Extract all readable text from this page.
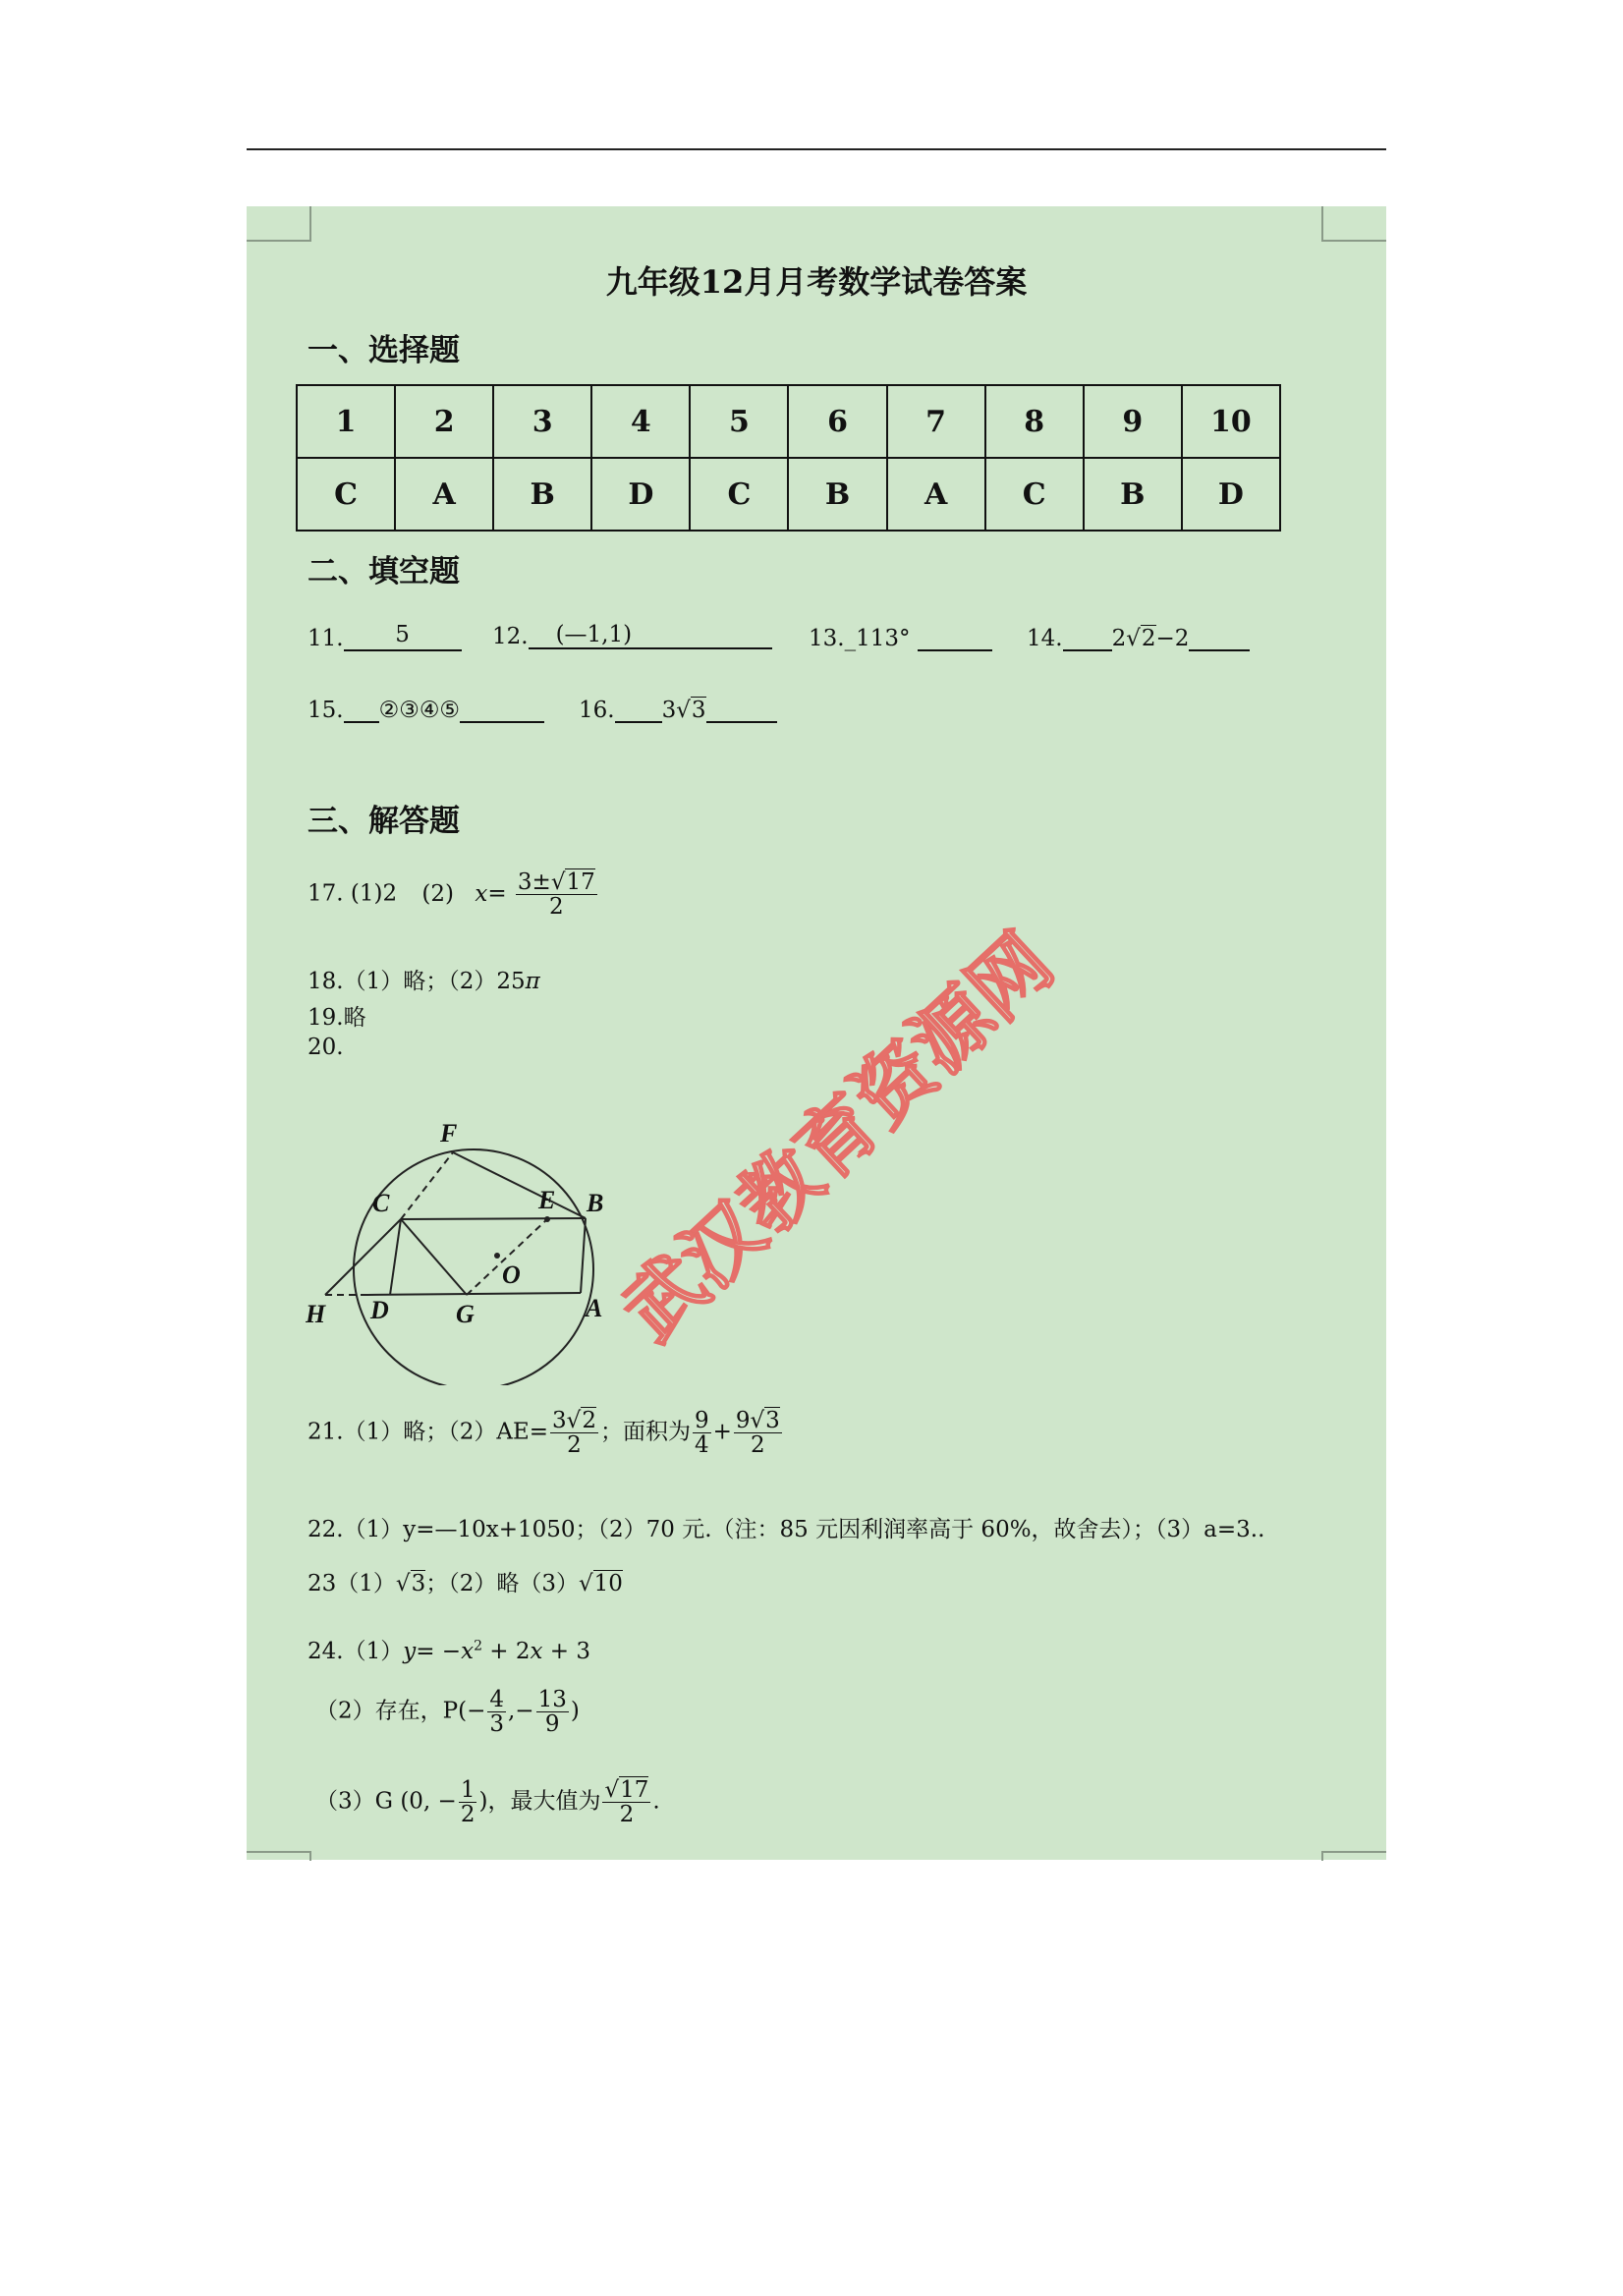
九年级12月月考数学试卷答案
一、选择题
1	2	3	4	5	6	7	8	9	10
C	A	B	D	C	B	A	C	B	D
二、填空题
11. 5	12. (—1,1)	13._113°	14. 2√2−2
15. ②③④⑤	16. 3√3
三、解答题
17. (1)2 (2) $x= \frac{3\pm√17}{2}$
18.（1）略；（2）25π
19.略
20.
F
C	E B
O
H D	G	A
21.（1）略；$(2)AE= \frac{3√2}{2}$ ；面积为 $\frac{9}{4} + \frac{9√3}{2}$
22.（1）y=—10x+1050；（2）70 元.（注：85 元因利润率高于 60%，故舍去）；（3）a=3..
23（1）√3；（2）略（3）√10
$24.(1)y= -x^2 + 2x + 3$
（2）存在，$P(- \frac{4}{3}$ ,− $\frac{13}{9}$ )
（3）G (0, − $\frac{1}{2}$ )，最大值为 $\frac{√17}{2}$ .
武汉教育资源网
